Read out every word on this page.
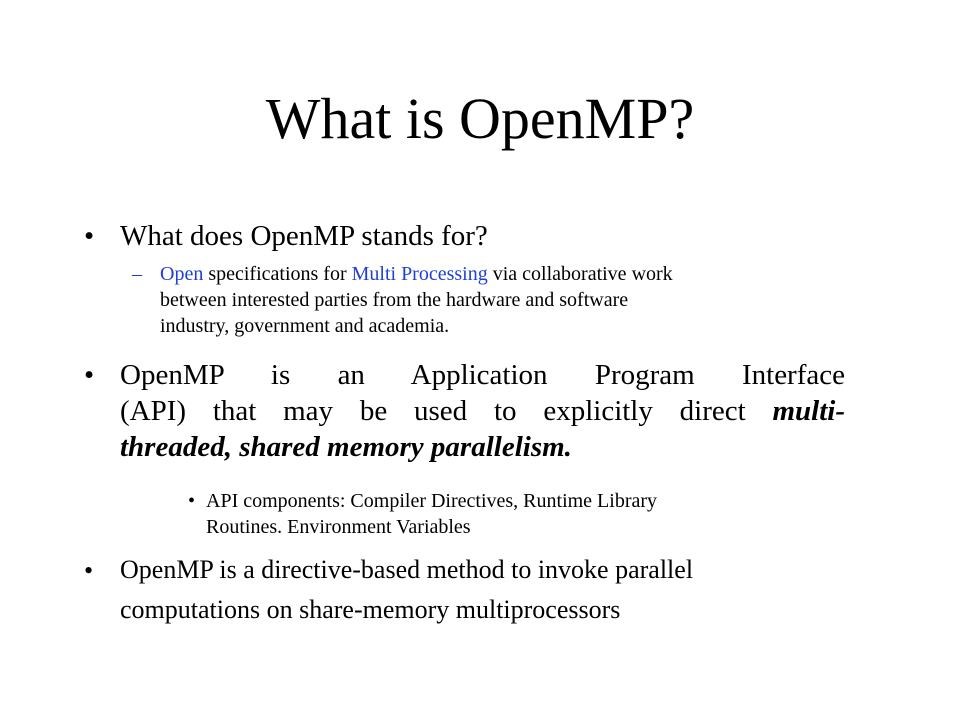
What is OpenMP?
• What does OpenMP stands for?
– Open specifications for Multi Processing via collaborative work
between interested parties from the hardware and software
industry, government and academia.
• OpenMP is an Application Program Interface
(API) that may be used to explicitly direct multi-
threaded, shared memory parallelism.
• API components: Compiler Directives, Runtime Library
Routines. Environment Variables
• OpenMP is a directive-based method to invoke parallel
computations on share-memory multiprocessors
